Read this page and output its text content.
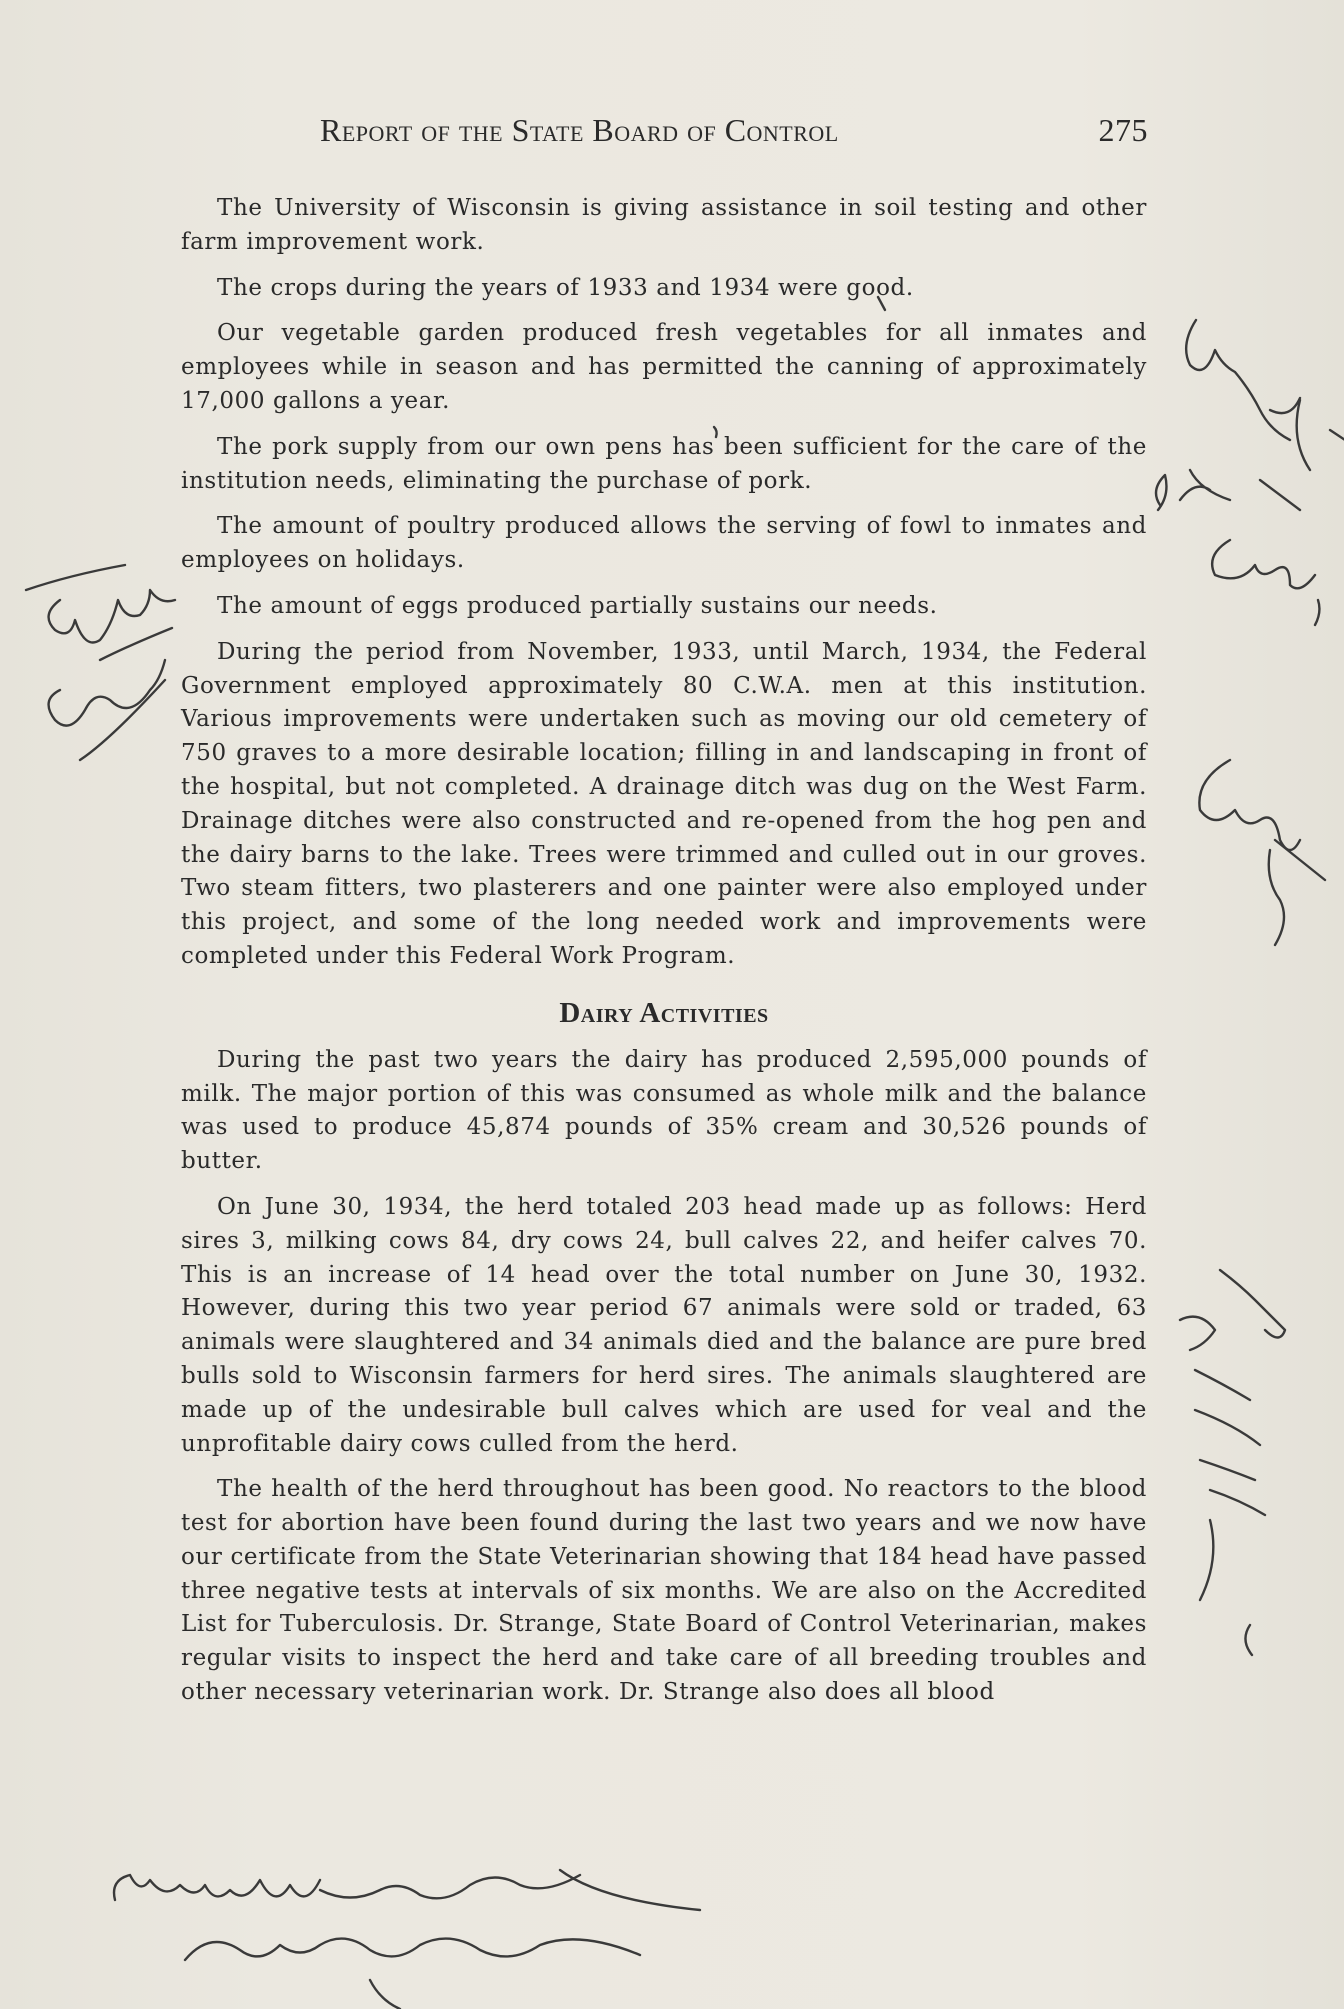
Report of the State Board of Control	275

The University of Wisconsin is giving assistance in soil testing and other farm improvement work.

The crops during the years of 1933 and 1934 were good.

Our vegetable garden produced fresh vegetables for all inmates and employees while in season and has permitted the canning of approximately 17,000 gallons a year.

The pork supply from our own pens has been sufficient for the care of the institution needs, eliminating the purchase of pork.

The amount of poultry produced allows the serving of fowl to inmates and employees on holidays.

The amount of eggs produced partially sustains our needs.

During the period from November, 1933, until March, 1934, the Federal Government employed approximately 80 C.W.A. men at this institution. Various improvements were undertaken such as moving our old cemetery of 750 graves to a more desirable location; filling in and landscaping in front of the hospital, but not completed. A drainage ditch was dug on the West Farm. Drainage ditches were also constructed and re-opened from the hog pen and the dairy barns to the lake. Trees were trimmed and culled out in our groves. Two steam fitters, two plasterers and one painter were also employed under this project, and some of the long needed work and improvements were completed under this Federal Work Program.

Dairy Activities

During the past two years the dairy has produced 2,595,000 pounds of milk. The major portion of this was consumed as whole milk and the balance was used to produce 45,874 pounds of 35% cream and 30,526 pounds of butter.

On June 30, 1934, the herd totaled 203 head made up as follows: Herd sires 3, milking cows 84, dry cows 24, bull calves 22, and heifer calves 70. This is an increase of 14 head over the total number on June 30, 1932. However, during this two year period 67 animals were sold or traded, 63 animals were slaughtered and 34 animals died and the balance are pure bred bulls sold to Wisconsin farmers for herd sires. The animals slaughtered are made up of the undesirable bull calves which are used for veal and the unprofitable dairy cows culled from the herd.

The health of the herd throughout has been good. No reactors to the blood test for abortion have been found during the last two years and we now have our certificate from the State Veterinarian showing that 184 head have passed three negative tests at intervals of six months. We are also on the Accredited List for Tuberculosis. Dr. Strange, State Board of Control Veterinarian, makes regular visits to inspect the herd and take care of all breeding troubles and other necessary veterinarian work. Dr. Strange also does all blood
